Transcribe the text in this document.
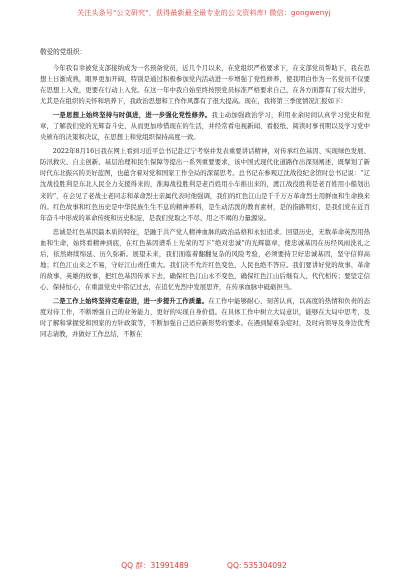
关注头条号"公文研究"，获得最新最全最专业的公文资料库! 微信：gongwenyj

敬爱的党组织：

今年我有幸被党支部接纳成为一名预备党员，近几个月以来，在党组织严格要求下，在支部党员帮助下，我在思想上日渐成熟，眼界更加开阔，特别是通过积极参加党内活动进一步增强了党性修养，使我明白作为一名党员不仅要在思想上入党，更要在行动上入党。在这一年中我自始至终按照党员标准严格要求自己，在各方面都有了较大进步，尤其是在组织的关怀和培养下，我政治思想和工作作风都有了很大提高。现在，我将第三季度情况汇报如下：

一是思想上始终坚持与时俱进，进一步强化党性修养。我主动加强政治学习，利用业余时间认真学习党史和党章，了解我们党的光辉奋斗史，从而更加珍惜现在的生活，并经常看电视新闻、看报纸、阅读时事刊期以及学习党中央颁布的决策和决议，在思想上和党组织保持高度一致。

2022年8月16日我在网上看到习近平总书记赴辽宁考察并发表重要讲话精神，对传承红色基因、实现绿色发展、防汛救灾、自主创新、基层治理和民生保障等提出一系列重要要求，该中国式现代化道路作出深刻阐述，既擘划了新时代东北振兴的美好蓝图，也蕴含着对党和国家工作全局的深谋思考。总书记在参观辽沈战役纪念馆时总书记说：“辽沈战役胜利是东北人民全力支援得来的，淮海战役胜利是老百姓用小车推出来的，渡江战役胜利是老百姓用小船划出来的”，在会见了老战士老同志和革命烈士亲属代表时他强调，我们的红色江山是千千万万革命烈士用鲜血和生命换来的。红色故事和红色历史是中华民族生生不息的精神养料，是生动活泼的教育素材，是的指路明灯，是我们党在近百年奋斗中形成的革命传统和历史积淀，是我们党取之不尽、用之不竭的力量源泉。

忠诚是红色基因最本质的特征，是融于共产党人精神血脉的政治品格和永恒追求。回望历史，无数革命英烈用热血和生命，始终看精神到底，在红色基因谱系上光荣的写下“绝对忠诚”的光辉篇章，使忠诚基因在历经风雨洗礼之后，依然赓续绵延、历久弥新。展望未来，我们面临着翻翻复杂的风险考验，必须要持卫好忠诚基因，坚守信仰高地；红色江山来之不易，守好江山责任重大。我们决不允许红色变色，人民也绝不答应。我们要讲好党的故事、革命的故事、英雄的故事，把红色基因传承下去，确保红色江山永不变色，确保红色江山后继有人、代代相传；要坚定信心、保持恒心，在重温党史中铭记过去，在追忆先烈中发展思齐，在传承血脉中砥砺担当。

二是工作上始终坚持克难奋进，进一步提升工作质量。在工作中能够耐心、刻苦认真，以高度的热情和负责的态度对待工作，不断增强自己的业务能力，更好的实现自身价值。在具体工作中树立大局意识，能够在大局中思考，及时了解和掌握党和国家的方针政策等，不断加强自己适应新形势的要求。在遇到疑难杂症时，及时向领导及身边优秀同志请教，并做好工作总结，不断在

QQ 群：31991489	QQ: 535304092
